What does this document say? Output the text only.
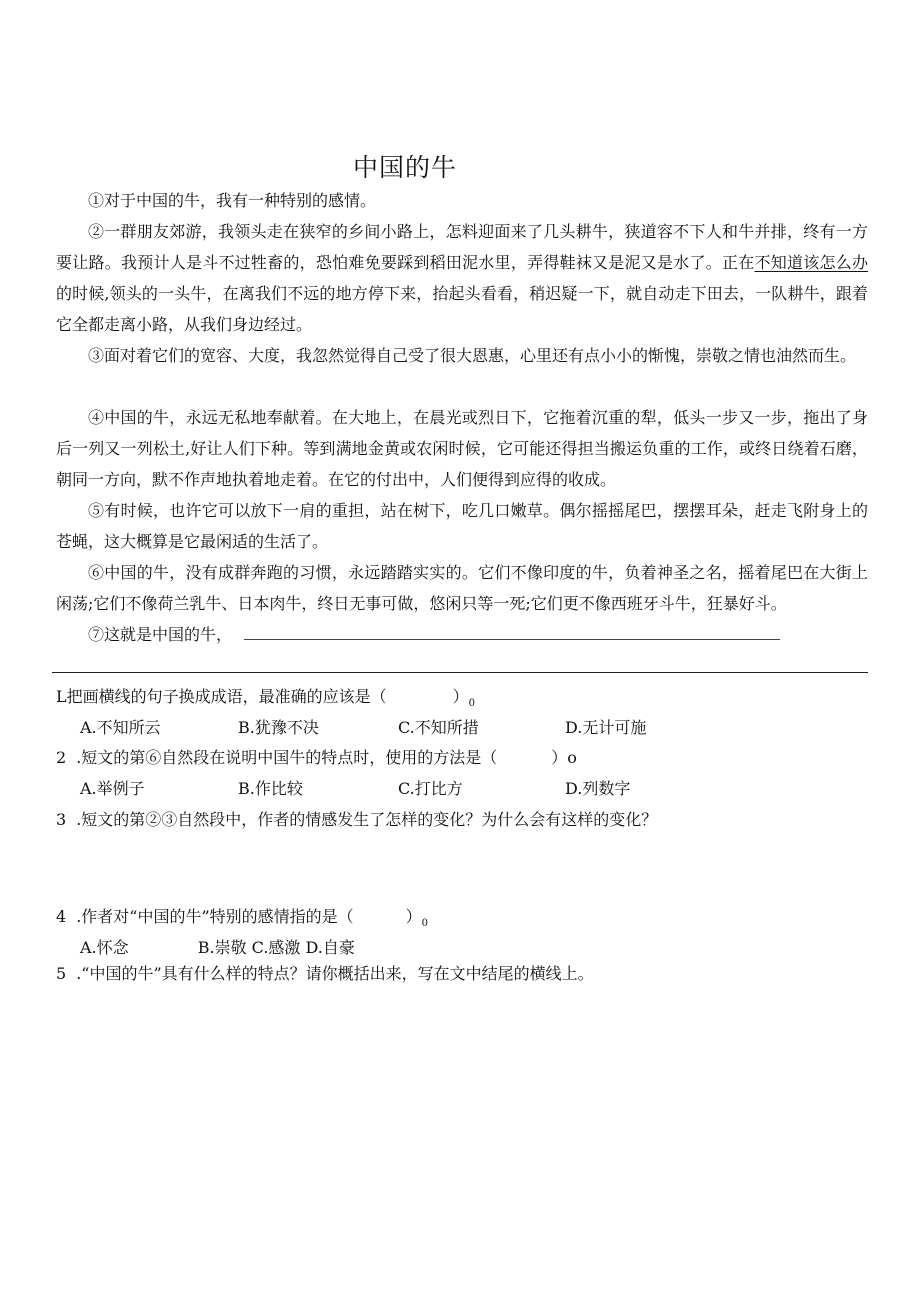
中国的牛

①对于中国的牛，我有一种特别的感情。

②一群朋友郊游，我领头走在狭窄的乡间小路上，怎料迎面来了几头耕牛，狭道容不下人和牛并排，终有一方要让路。我预计人是斗不过牲畜的，恐怕难免要踩到稻田泥水里，弄得鞋袜又是泥又是水了。正在不知道该怎么办的时候,领头的一头牛，在离我们不远的地方停下来，抬起头看看，稍迟疑一下，就自动走下田去，一队耕牛，跟着它全都走离小路，从我们身边经过。

③面对着它们的宽容、大度，我忽然觉得自己受了很大恩惠，心里还有点小小的惭愧，崇敬之情也油然而生。

④中国的牛，永远无私地奉献着。在大地上，在晨光或烈日下，它拖着沉重的犁，低头一步又一步，拖出了身后一列又一列松土,好让人们下种。等到满地金黄或农闲时候，它可能还得担当搬运负重的工作，或终日绕着石磨，朝同一方向，默不作声地执着地走着。在它的付出中，人们便得到应得的收成。

⑤有时候，也许它可以放下一肩的重担，站在树下，吃几口嫩草。偶尔摇摇尾巴，摆摆耳朵，赶走飞附身上的苍蝇，这大概算是它最闲适的生活了。

⑥中国的牛，没有成群奔跑的习惯，永远踏踏实实的。它们不像印度的牛，负着神圣之名，摇着尾巴在大街上闲荡;它们不像荷兰乳牛、日本肉牛，终日无事可做，悠闲只等一死;它们更不像西班牙斗牛，狂暴好斗。

⑦这就是中国的牛，

L把画横线的句子换成成语，最准确的应该是（	）$_0$
A.不知所云	B.犹豫不决	C.不知所措	D.无计可施
2 .短文的第⑥自然段在说明中国牛的特点时，使用的方法是（	）o
A.举例子	B.作比较	C.打比方	D.列数字
3 .短文的第②③自然段中，作者的情感发生了怎样的变化？为什么会有这样的变化？
4 .作者对“中国的牛”特别的感情指的是（	）$_0$
A.怀念　　　　 B.崇敬 C.感激 D.自豪
5 .“中国的牛”具有什么样的特点？请你概括出来，写在文中结尾的横线上。
